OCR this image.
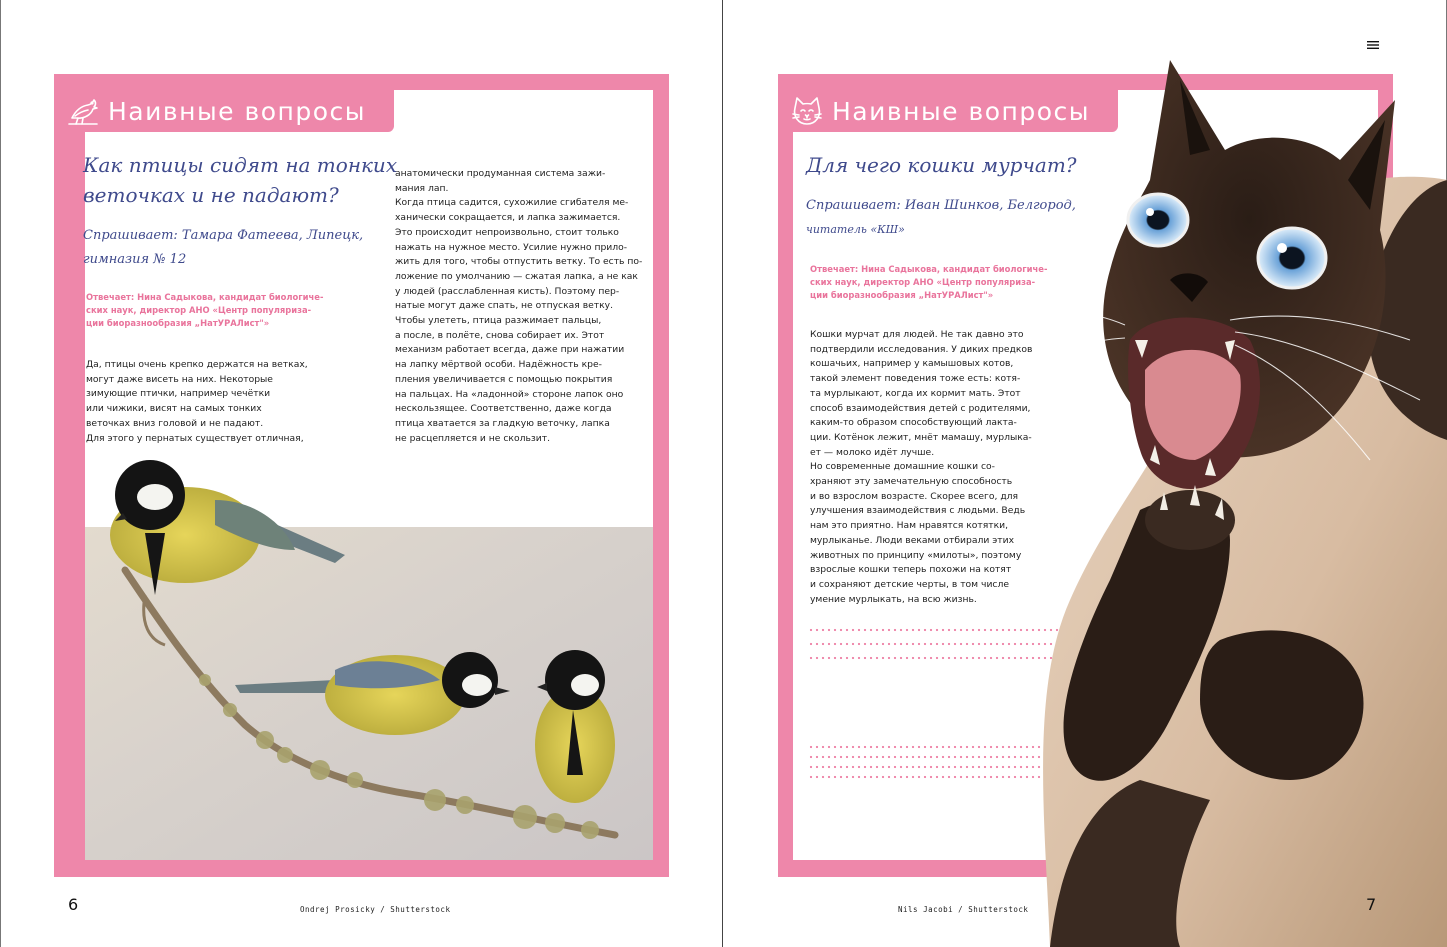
Наивные вопросы
Как птицы сидят на тонких
веточках и не падают?
Спрашивает: Тамара Фатеева, Липецк,
гимназия № 12
Отвечает: Нина Садыкова, кандидат биологиче-
ских наук, директор АНО «Центр популяриза-
ции биоразнообразия „НатУРАЛист"»
Да, птицы очень крепко держатся на ветках,
могут даже висеть на них. Некоторые
зимующие птички, например чечётки
или чижики, висят на самых тонких
веточках вниз головой и не падают.
Для этого у пернатых существует отличная,
анатомически продуманная система зажи-
мания лап.
Когда птица садится, сухожилие сгибателя ме-
ханически сокращается, и лапка зажимается.
Это происходит непроизвольно, стоит только
нажать на нужное место. Усилие нужно прило-
жить для того, чтобы отпустить ветку. То есть по-
ложение по умолчанию — сжатая лапка, а не как
у людей (расслабленная кисть). Поэтому пер-
натые могут даже спать, не отпуская ветку.
Чтобы улететь, птица разжимает пальцы,
а после, в полёте, снова собирает их. Этот
механизм работает всегда, даже при нажатии
на лапку мёртвой особи. Надёжность кре-
пления увеличивается с помощью покрытия
на пальцах. На «ладонной» стороне лапок оно
нескользящее. Соответственно, даже когда
птица хватается за гладкую веточку, лапка
не расцепляется и не скользит.
6	Ondrej Prosicky / Shutterstock
Наивные вопросы
Для чего кошки мурчат?
Спрашивает: Иван Шинков, Белгород,
читатель «КШ»
Отвечает: Нина Садыкова, кандидат биологиче-
ских наук, директор АНО «Центр популяриза-
ции биоразнообразия „НатУРАЛист"»
Кошки мурчат для людей. Не так давно это
подтвердили исследования. У диких предков
кошачьих, например у камышовых котов,
такой элемент поведения тоже есть: котя-
та мурлыкают, когда их кормит мать. Этот
способ взаимодействия детей с родителями,
каким-то образом способствующий лакта-
ции. Котёнок лежит, мнёт мамашу, мурлыка-
ет — молоко идёт лучше.
Но современные домашние кошки со-
храняют эту замечательную способность
и во взрослом возрасте. Скорее всего, для
улучшения взаимодействия с людьми. Ведь
нам это приятно. Нам нравятся котятки,
мурлыканье. Люди веками отбирали этих
животных по принципу «милоты», поэтому
взрослые кошки теперь похожи на котят
и сохраняют детские черты, в том числе
умение мурлыкать, на всю жизнь.
7
Nils Jacobi / Shutterstock
